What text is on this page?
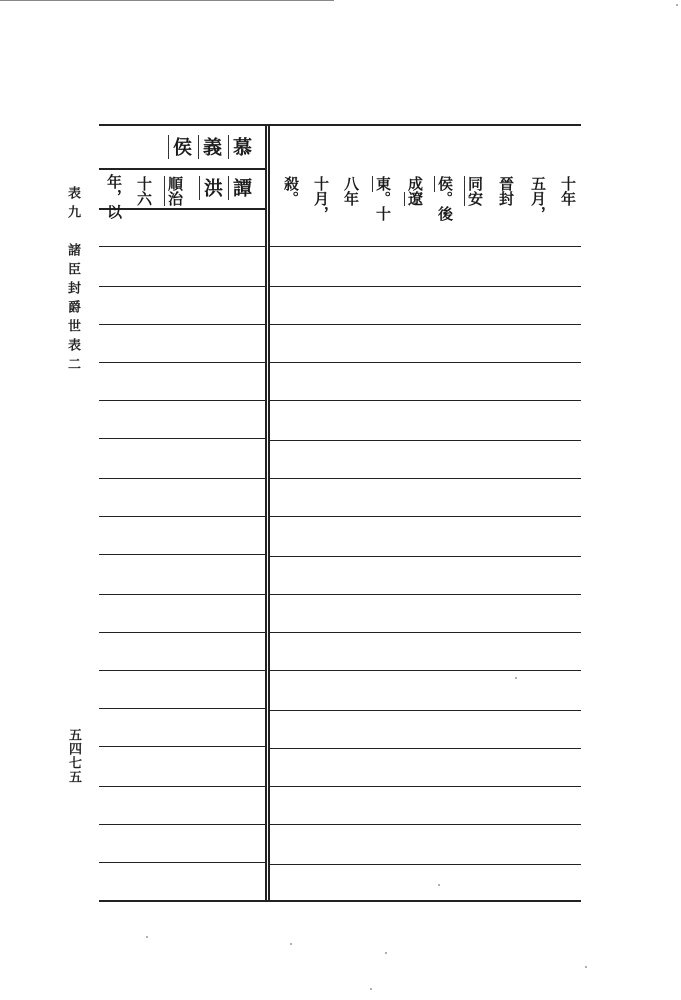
表九　諸臣封爵世表二
五四七五
侯 義 慕
譚
洪
順治
十六
年，以	十年
五月，
晉封
同安
侯。後
成遼
東。十
八年
十月，
殺。
